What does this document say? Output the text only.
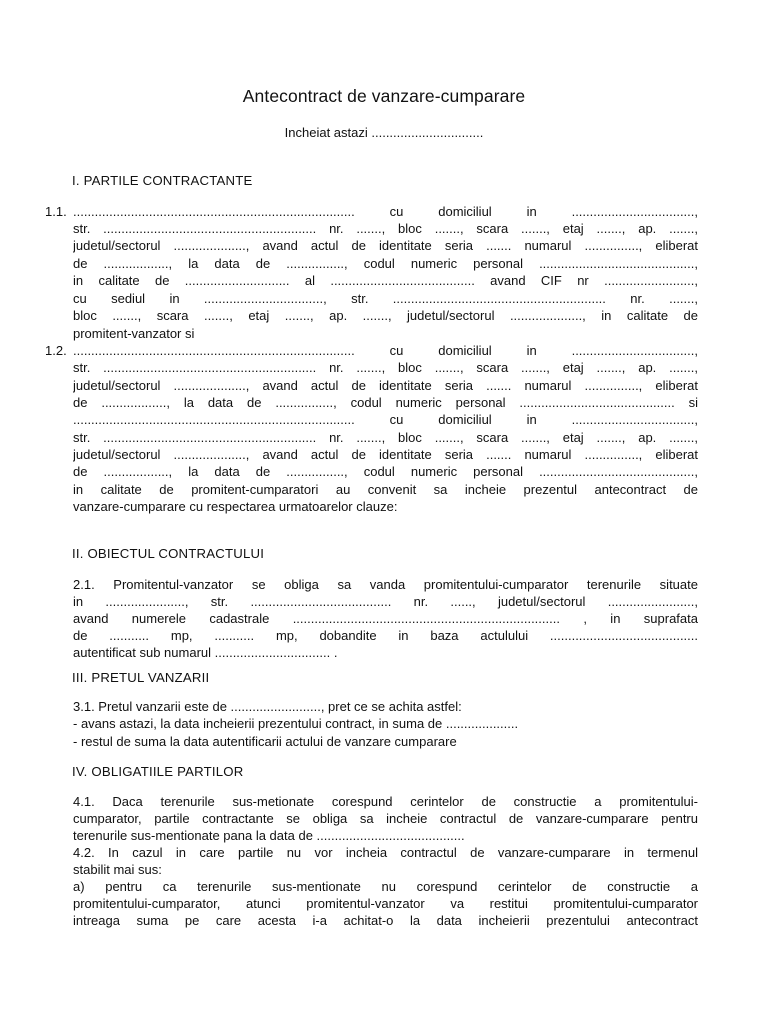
Antecontract de vanzare-cumparare
Incheiat astazi ...............................
I. PARTILE CONTRACTANTE
1.1. .............................................................................. cu domiciliul in ..................................,
str. ........................................................... nr. ......., bloc ......., scara ......., etaj ......., ap. .......,
judetul/sectorul ...................., avand actul de identitate seria ....... numarul ..............., eliberat
de .................., la data de ................, codul numeric personal ...........................................,
in calitate de ............................. al ........................................ avand CIF nr .........................,
cu sediul in ................................., str. ........................................................... nr. .......,
bloc ......., scara ......., etaj ......., ap. ......., judetul/sectorul ...................., in calitate de
promitent-vanzator si
1.2. .............................................................................. cu domiciliul in ..................................,
str. ........................................................... nr. ......., bloc ......., scara ......., etaj ......., ap. .......,
judetul/sectorul ...................., avand actul de identitate seria ....... numarul ..............., eliberat
de .................., la data de ................, codul numeric personal ........................................... si
.............................................................................. cu domiciliul in ..................................,
str. ........................................................... nr. ......., bloc ......., scara ......., etaj ......., ap. .......,
judetul/sectorul ...................., avand actul de identitate seria ....... numarul ..............., eliberat
de .................., la data de ................, codul numeric personal ...........................................,
in calitate de promitent-cumparatori au convenit sa incheie prezentul antecontract de
vanzare-cumparare cu respectarea urmatoarelor clauze:
II. OBIECTUL CONTRACTULUI
2.1. Promitentul-vanzator se obliga sa vanda promitentului-cumparator terenurile situate
in ......................, str. ....................................... nr. ......, judetul/sectorul ........................,
avand numerele cadastrale .......................................................................... , in suprafata
de ........... mp, ........... mp, dobandite in baza actulului .........................................
autentificat sub numarul ................................ .
III. PRETUL VANZARII
3.1. Pretul vanzarii este de ........................., pret ce se achita astfel:
- avans astazi, la data incheierii prezentului contract, in suma de ....................
- restul de suma la data autentificarii actului de vanzare cumparare
IV. OBLIGATIILE PARTILOR
4.1. Daca terenurile sus-metionate corespund cerintelor de constructie a promitentului-
cumparator, partile contractante se obliga sa incheie contractul de vanzare-cumparare pentru
terenurile sus-mentionate pana la data de .........................................
4.2. In cazul in care partile nu vor incheia contractul de vanzare-cumparare in termenul
stabilit mai sus:
a) pentru ca terenurile sus-mentionate nu corespund cerintelor de constructie a
promitentului-cumparator, atunci promitentul-vanzator va restitui promitentului-cumparator
intreaga suma pe care acesta i-a achitat-o la data incheierii prezentului antecontract
